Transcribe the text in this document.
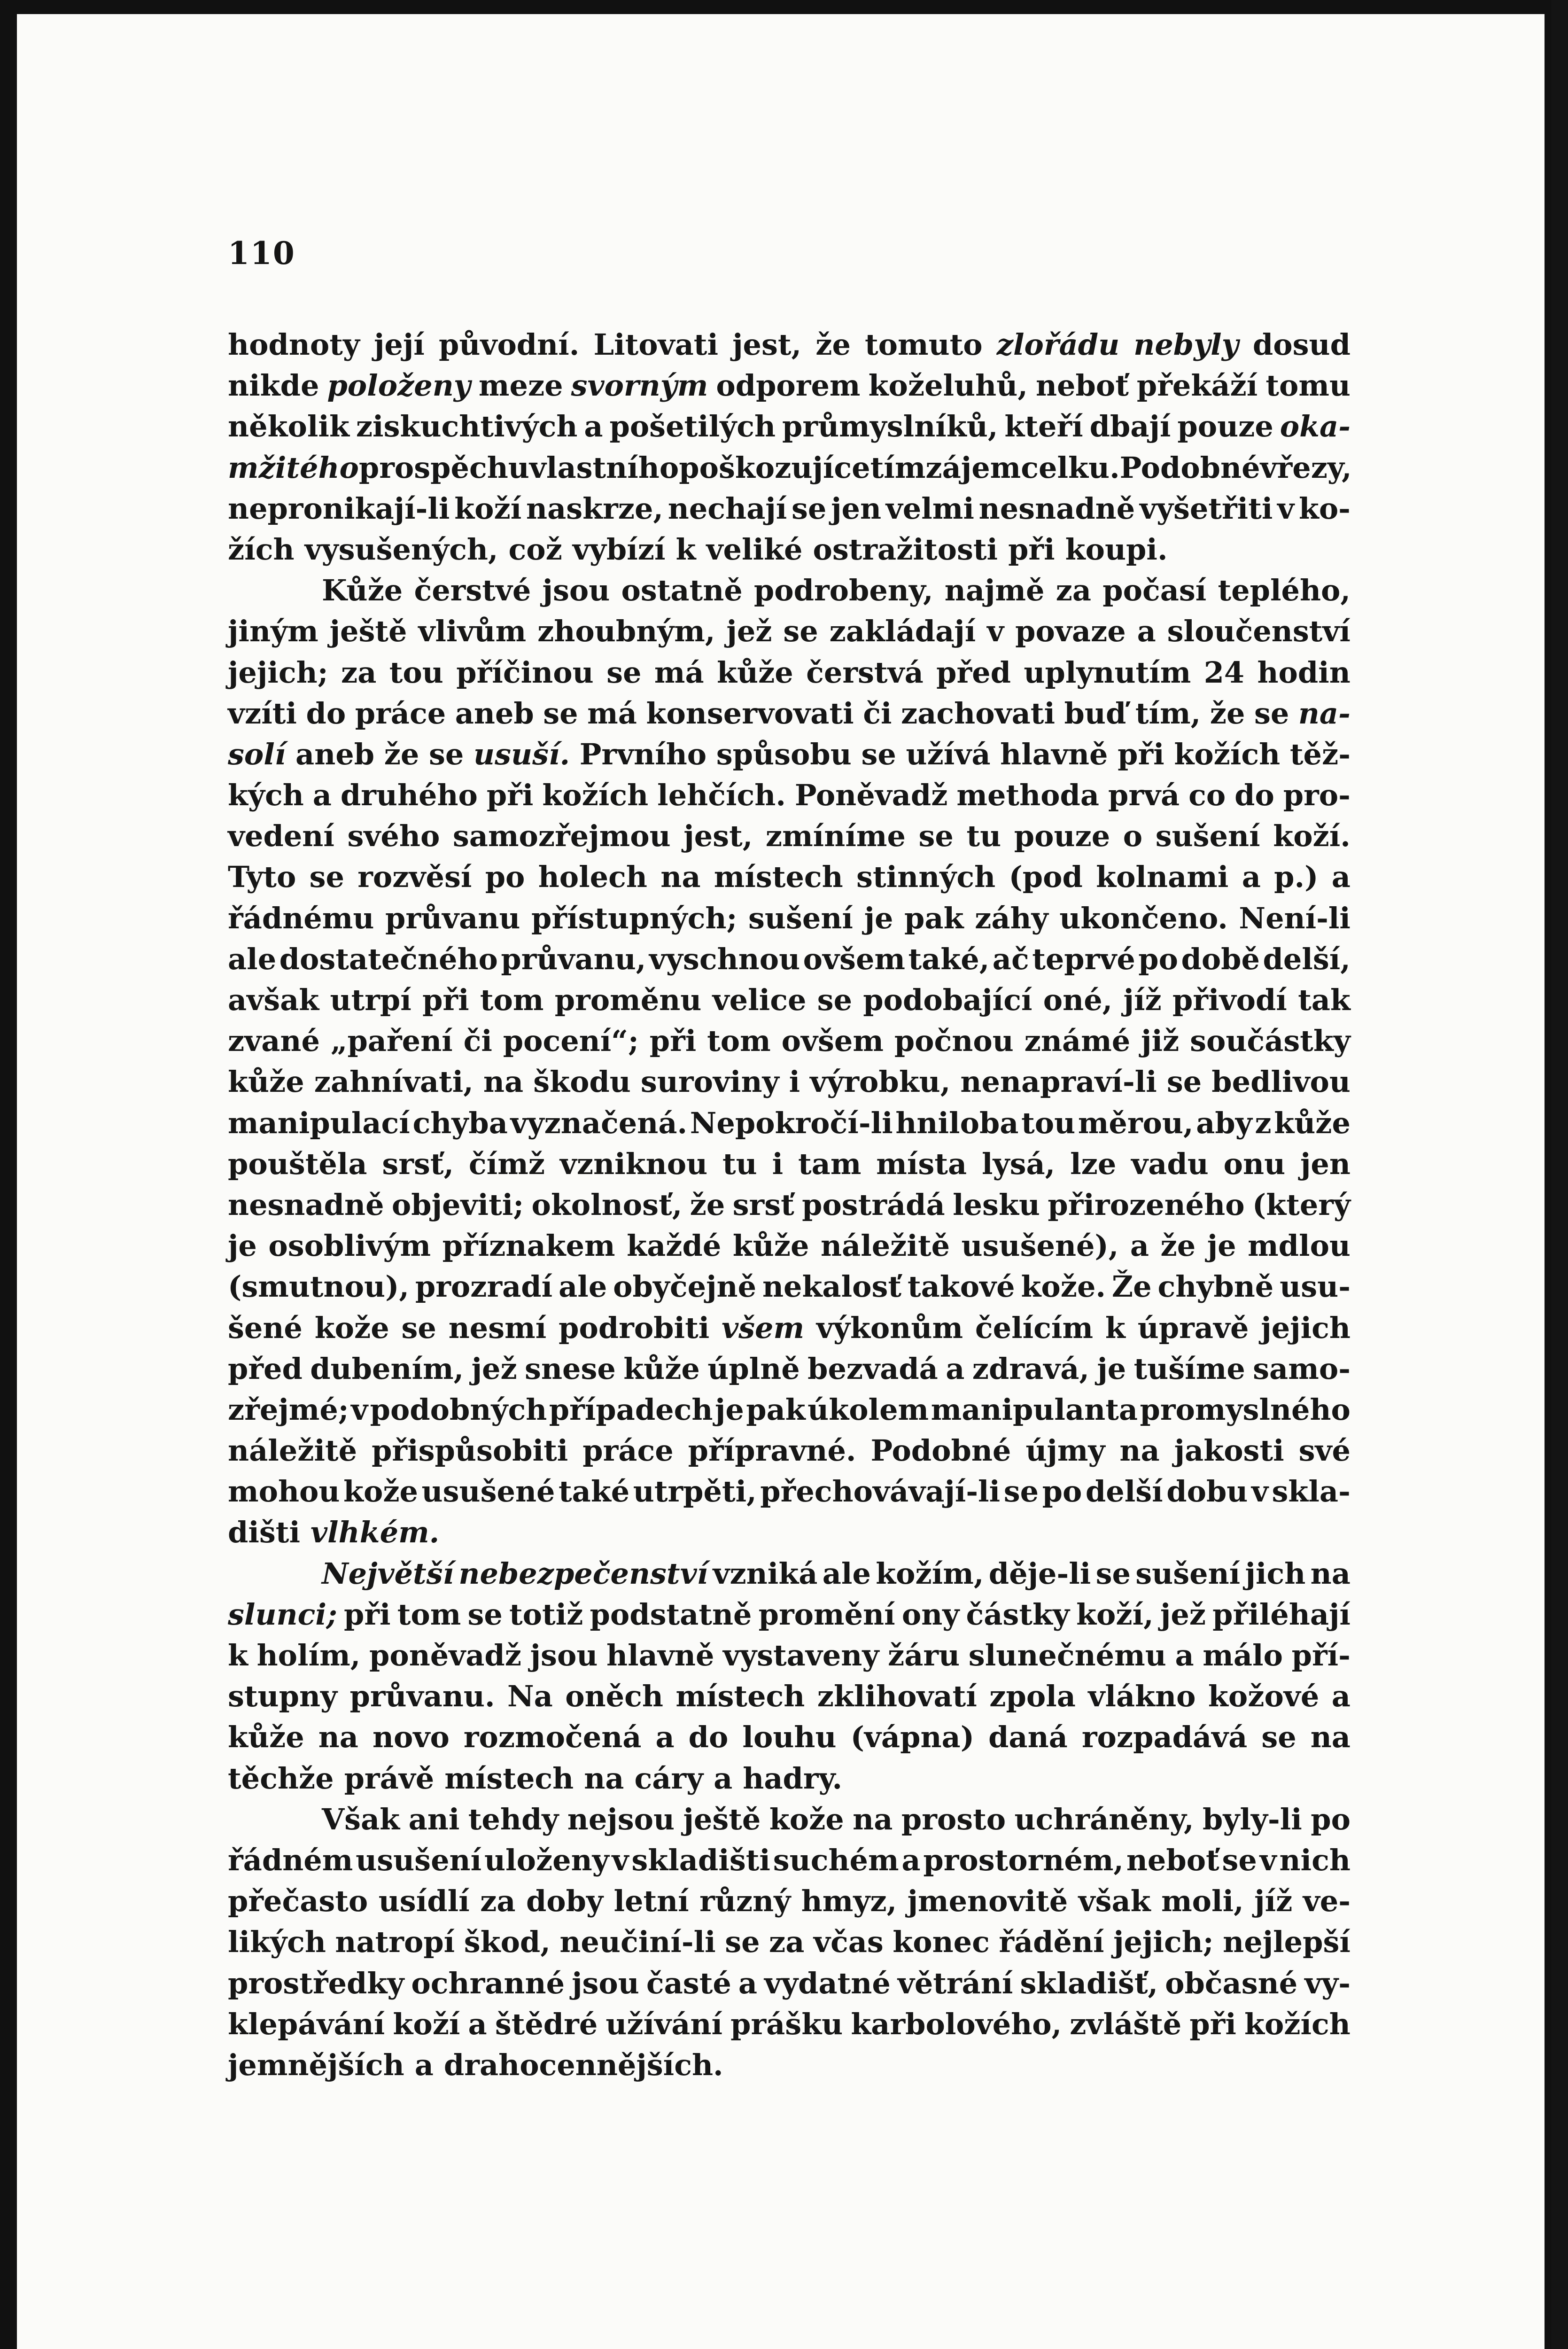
110
hodnoty její původní. Litovati jest, že tomuto zlořádu nebyly dosud
nikde položeny meze svorným odporem koželuhů, neboť překáží tomu
několik ziskuchtivých a pošetilých průmyslníků, kteří dbají pouze oka-
mžitého prospěchu vlastního poškozujíce tím zájem celku. Podobné vřezy,
nepronikají-li koží naskrze, nechají se jen velmi nesnadně vyšetřiti v ko-
žích vysušených, což vybízí k veliké ostražitosti při koupi.
Kůže čerstvé jsou ostatně podrobeny, najmě za počasí teplého,
jiným ještě vlivům zhoubným, jež se zakládají v povaze a sloučenství
jejich; za tou příčinou se má kůže čerstvá před uplynutím 24 hodin
vzíti do práce aneb se má konservovati či zachovati buď tím, že se na-
solí aneb že se usuší. Prvního spůsobu se užívá hlavně při kožích těž-
kých a druhého při kožích lehčích. Poněvadž methoda prvá co do pro-
vedení svého samozřejmou jest, zmíníme se tu pouze o sušení koží.
Tyto se rozvěsí po holech na místech stinných (pod kolnami a p.) a
řádnému průvanu přístupných; sušení je pak záhy ukončeno. Není-li
ale dostatečného průvanu, vyschnou ovšem také, ač teprvé po době delší,
avšak utrpí při tom proměnu velice se podobající oné, jíž přivodí tak
zvané „paření či pocení“; při tom ovšem počnou známé již součástky
kůže zahnívati, na škodu suroviny i výrobku, nenapraví-li se bedlivou
manipulací chyba vyznačená. Nepokročí-li hniloba tou měrou, aby z kůže
pouštěla srsť, čímž vzniknou tu i tam místa lysá, lze vadu onu jen
nesnadně objeviti; okolnosť, že srsť postrádá lesku přirozeného (který
je osoblivým příznakem každé kůže náležitě usušené), a že je mdlou
(smutnou), prozradí ale obyčejně nekalosť takové kože. Že chybně usu-
šené kože se nesmí podrobiti všem výkonům čelícím k úpravě jejich
před dubením, jež snese kůže úplně bezvadá a zdravá, je tušíme samo-
zřejmé; v podobných případech je pak úkolem manipulanta promyslného
náležitě přispůsobiti práce přípravné. Podobné újmy na jakosti své
mohou kože usušené také utrpěti, přechovávají-li se po delší dobu v skla-
dišti vlhkém.
Největší nebezpečenství vzniká ale kožím, děje-li se sušení jich na
slunci; při tom se totiž podstatně promění ony částky koží, jež přiléhají
k holím, poněvadž jsou hlavně vystaveny žáru slunečnému a málo pří-
stupny průvanu. Na oněch místech zklihovatí zpola vlákno kožové a
kůže na novo rozmočená a do louhu (vápna) daná rozpadává se na
těchže právě místech na cáry a hadry.
Však ani tehdy nejsou ještě kože na prosto uchráněny, byly-li po
řádném usušení uloženy v skladišti suchém a prostorném, neboť se v nich
přečasto usídlí za doby letní různý hmyz, jmenovitě však moli, jíž ve-
likých natropí škod, neučiní-li se za včas konec řádění jejich; nejlepší
prostředky ochranné jsou časté a vydatné větrání skladišť, občasné vy-
klepávání koží a štědré užívání prášku karbolového, zvláště při kožích
jemnějších a drahocennějších.
